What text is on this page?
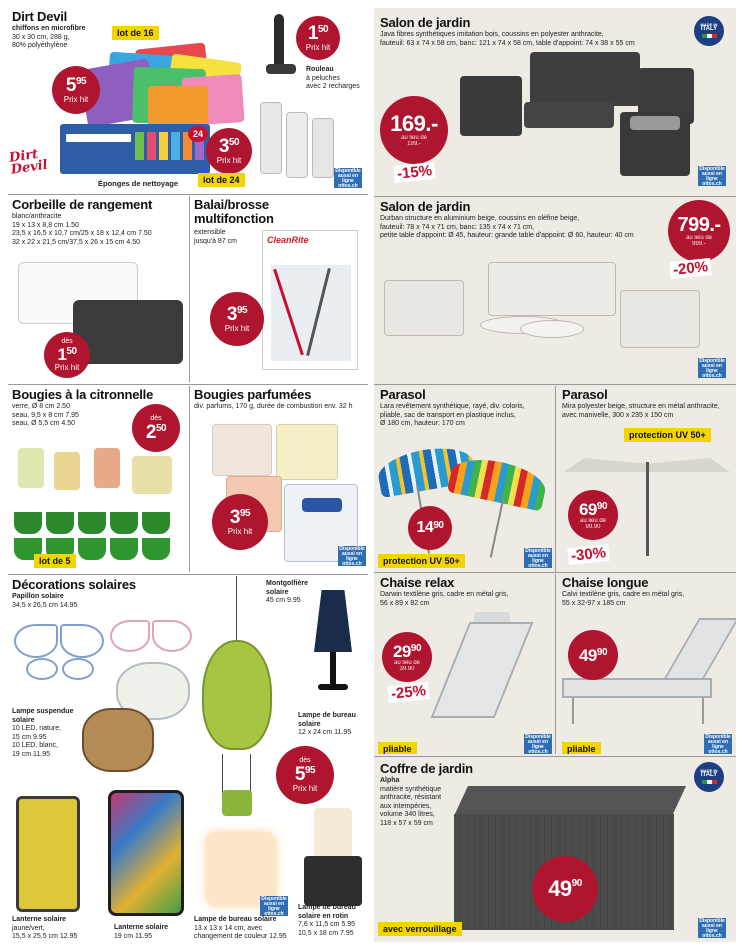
Dirt Devil
chiffons en microfibre
30 x 30 cm, 288 g,
80% polyéthylène
lot de 16
$5^{95}$
Prix hit
24
Dirt Devil
$3^{50}$
Prix hit
Éponges de nettoyage	lot de 24
$1^{50}$
Prix hit
Rouleau
à peluches
avec 2 recharges
Disponible
aussi en ligne
ottos.ch
Corbeille de rangement
blanc/anthracite
19 x 13 x 8,8 cm 1.50
23,5 x 16,5 x 10,7 cm/25 x 18 x 12,4 cm 7.50
32 x 22 x 21,5 cm/37,5 x 26 x 15 cm 4.50
dès
$1^{50}$
Prix hit
Balai/brosse
multifonction
extensible
jusqu'à 87 cm	CleanRite
$3^{95}$
Prix hit
Bougies à la citronnelle
verre, Ø 8 cm 2.50
seau, 9,5 x 8 cm 7.95
seau, Ø 5,5 cm 4.50
dès
$2^{50}$
lot de 5
Bougies parfumées
div. parfums, 170 g, durée de combustion env. 32 h
$3^{95}$
Prix hit
Disponible
aussi en ligne
ottos.ch
Décorations solaires
Papillon solaire
34,5 x 26,5 cm 14.95
Lampe suspendue
solaire
10 LED, nature,
15 cm 9.95
10 LED, blanc,
19 cm 11.95
Montgolfière
solaire
45 cm 9.95
Lampe de bureau
solaire
12 x 24 cm 11.95
dès
$5^{95}$
Prix hit
Disponible
aussi en ligne
ottos.ch
Lanterne solaire
jaune/vert,
15,5 x 25,5 cm 12.95
Lanterne solaire
19 cm 11.95
Lampe de bureau solaire
13 x 13 x 14 cm, avec
changement de couleur 12.95
Lampe de bureau
solaire en rotin
7,6 x 11,5 cm 5.95
10,5 x 18 cm 7.95
Salon de jardin
Java fibres synthétiques imitation bois, coussins en polyester anthracite,
fauteuil: 63 x 74 x 58 cm, banc: 121 x 74 x 58 cm, table d'appoint: 74 x 38 x 55 cm
MADE IN
ITALY
169.-
au lieu de
199.-
-15%	Disponible
aussi en ligne
ottos.ch
Salon de jardin
Durban structure en aluminium beige, coussins en oléfine beige,
fauteuil: 78 x 74 x 71 cm, banc: 135 x 74 x 71 cm,
petite table d'appoint: Ø 45, hauteur: grande table d'appoint: Ø 60, hauteur: 40 cm 799.-
au lieu de
999.-
-20%
Disponible
aussi en ligne
ottos.ch
Parasol
Lara revêtement synthétique, rayé, div. coloris,
pliable, sac de transport en plastique inclus,
Ø 180 cm, hauteur: 170 cm
$14^{90}$
protection UV 50+
Disponible
aussi en ligne
ottos.ch
Parasol
Mira polyester beige, structure en métal anthracite,
avec manivelle, 300 x 235 x 150 cm
protection UV 50+
$69^{90}$
au lieu de
99.90
-30%
Chaise relax
Darwin textilène gris, cadre en métal gris,
56 x 89 x 82 cm
$29^{90}$
au lieu de
39.90
-25%
pliable
Disponible
aussi en ligne
ottos.ch
Chaise longue
Calvi textilène gris, cadre en métal gris,
55 x 32-97 x 185 cm
$49^{90}$
pliable
Disponible
aussi en ligne
ottos.ch
Coffre de jardin
Alpha
matière synthétique
anthracite, résistant
aux intempéries,
volume 340 litres,
118 x 57 x 59 cm
MADE IN
ITALY
$49^{90}$
avec verrouillage
Disponible
aussi en ligne
ottos.ch
